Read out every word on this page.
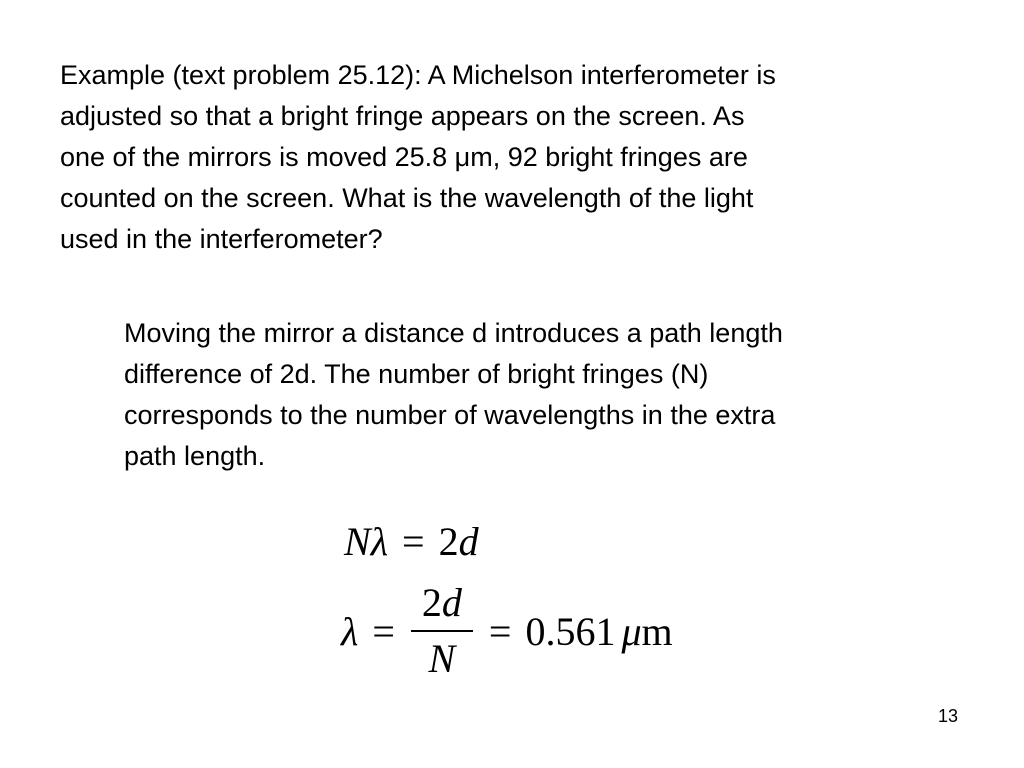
Example (text problem 25.12): A Michelson interferometer is
adjusted so that a bright fringe appears on the screen. As
one of the mirrors is moved 25.8 μm, 92 bright fringes are
counted on the screen. What is the wavelength of the light
used in the interferometer?
Moving the mirror a distance d introduces a path length
difference of 2d. The number of bright fringes (N)
corresponds to the number of wavelengths in the extra
path length.
Nλ = 2d
$\lambda = \frac{2d}{N} = 0.561$ μ m
13
